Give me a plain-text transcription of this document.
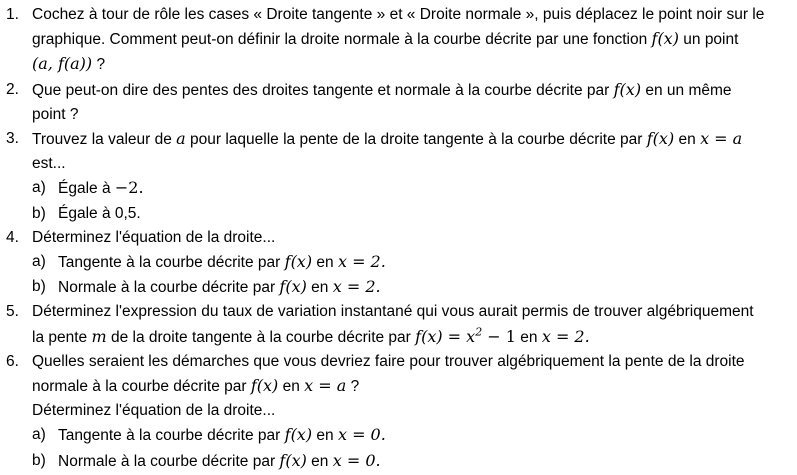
1. Cochez à tour de rôle les cases « Droite tangente » et « Droite normale », puis déplacez le point noir sur le
graphique. Comment peut-on définir la droite normale à la courbe décrite par une fonction f(x) un point
(a, f(a)) ?
2. Que peut-on dire des pentes des droites tangente et normale à la courbe décrite par f(x) en un même
point ?
3. Trouvez la valeur de a pour laquelle la pente de la droite tangente à la courbe décrite par f(x) en x = a
est...
a) Égale à −2.
b) Égale à 0,5.
4. Déterminez l'équation de la droite...
a) Tangente à la courbe décrite par f(x) en x = 2.
b) Normale à la courbe décrite par f(x) en x = 2.
5. Déterminez l'expression du taux de variation instantané qui vous aurait permis de trouver algébriquement
la pente m de la droite tangente à la courbe décrite par $f(x) = x^2 - 1$ en x = 2.
6. Quelles seraient les démarches que vous devriez faire pour trouver algébriquement la pente de la droite
normale à la courbe décrite par f(x) en x = a ?
Déterminez l'équation de la droite...
a) Tangente à la courbe décrite par f(x) en x = 0.
b) Normale à la courbe décrite par f(x) en x = 0.
